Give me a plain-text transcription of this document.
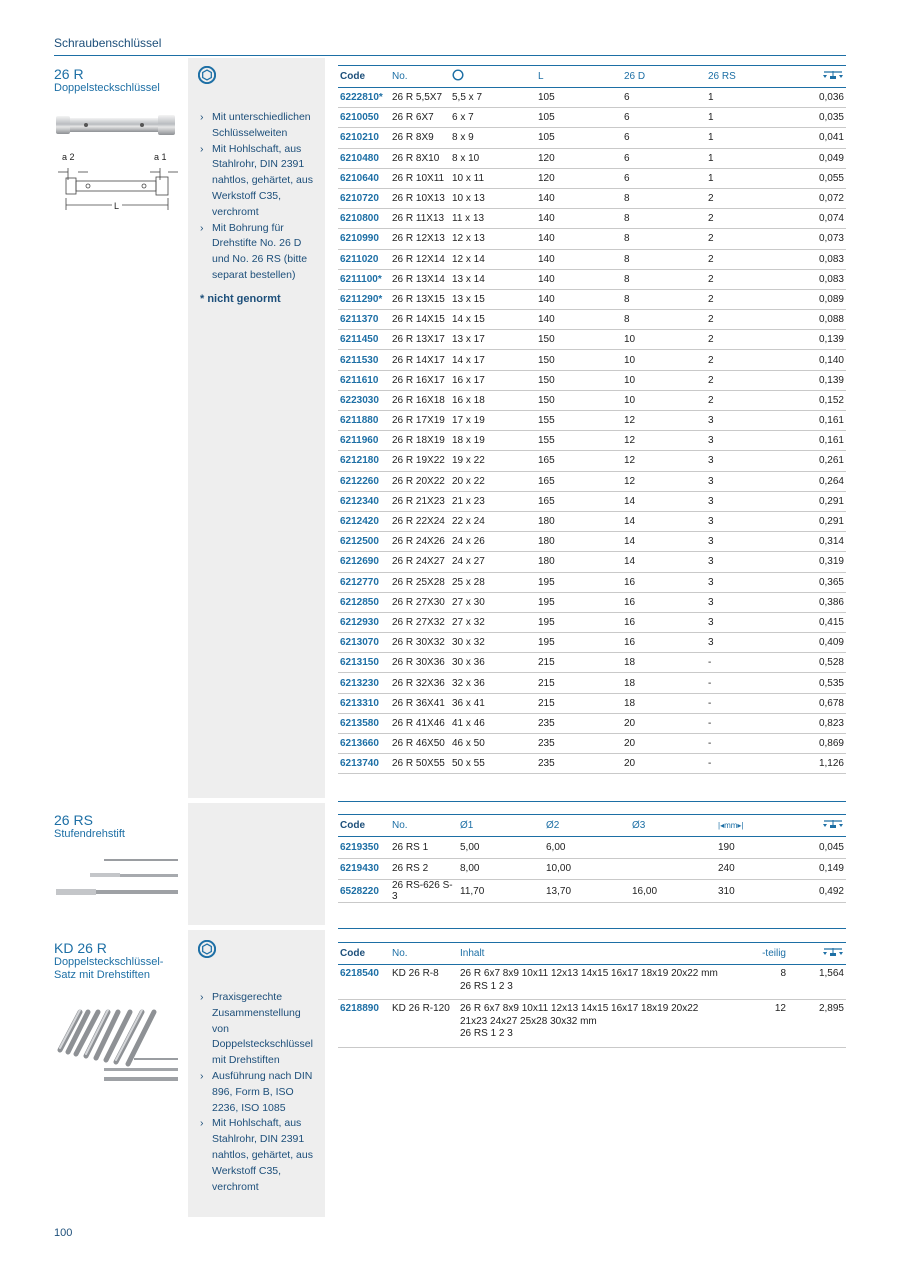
Schraubenschlüssel
26 R
Doppelsteckschlüssel
a 2	a 1
L
› Mit unterschiedlichen Schlüsselweiten
› Mit Hohlschaft, aus Stahlrohr, DIN 2391 nahtlos, gehärtet, aus Werkstoff C35, verchromt
› Mit Bohrung für Drehstifte No. 26 D und No. 26 RS (bitte separat bestellen)
* nicht genormt
Code	No.		L	26 D	26 RS	
6222810*	26 R 5,5X7	5,5 x 7	105	6	1	0,036
6210050	26 R 6X7	6 x 7	105	6	1	0,035
6210210	26 R 8X9	8 x 9	105	6	1	0,041
6210480	26 R 8X10	8 x 10	120	6	1	0,049
6210640	26 R 10X11	10 x 11	120	6	1	0,055
6210720	26 R 10X13	10 x 13	140	8	2	0,072
6210800	26 R 11X13	11 x 13	140	8	2	0,074
6210990	26 R 12X13	12 x 13	140	8	2	0,073
6211020	26 R 12X14	12 x 14	140	8	2	0,083
6211100*	26 R 13X14	13 x 14	140	8	2	0,083
6211290*	26 R 13X15	13 x 15	140	8	2	0,089
6211370	26 R 14X15	14 x 15	140	8	2	0,088
6211450	26 R 13X17	13 x 17	150	10	2	0,139
6211530	26 R 14X17	14 x 17	150	10	2	0,140
6211610	26 R 16X17	16 x 17	150	10	2	0,139
6223030	26 R 16X18	16 x 18	150	10	2	0,152
6211880	26 R 17X19	17 x 19	155	12	3	0,161
6211960	26 R 18X19	18 x 19	155	12	3	0,161
6212180	26 R 19X22	19 x 22	165	12	3	0,261
6212260	26 R 20X22	20 x 22	165	12	3	0,264
6212340	26 R 21X23	21 x 23	165	14	3	0,291
6212420	26 R 22X24	22 x 24	180	14	3	0,291
6212500	26 R 24X26	24 x 26	180	14	3	0,314
6212690	26 R 24X27	24 x 27	180	14	3	0,319
6212770	26 R 25X28	25 x 28	195	16	3	0,365
6212850	26 R 27X30	27 x 30	195	16	3	0,386
6212930	26 R 27X32	27 x 32	195	16	3	0,415
6213070	26 R 30X32	30 x 32	195	16	3	0,409
6213150	26 R 30X36	30 x 36	215	18	-	0,528
6213230	26 R 32X36	32 x 36	215	18	-	0,535
6213310	26 R 36X41	36 x 41	215	18	-	0,678
6213580	26 R 41X46	41 x 46	235	20	-	0,823
6213660	26 R 46X50	46 x 50	235	20	-	0,869
6213740	26 R 50X55	50 x 55	235	20	-	1,126
26 RS
Stufendrehstift
Code	No.	Ø1	Ø2	Ø3	|◂mm▸|	
6219350	26 RS 1	5,00	6,00		190	0,045
6219430	26 RS 2	8,00	10,00		240	0,149
6528220	26 RS-626 S-3	11,70	13,70	16,00	310	0,492
KD 26 R
Doppelsteckschlüssel-
Satz mit Drehstiften
› Praxisgerechte Zusammenstellung von Doppelsteckschlüssel mit Drehstiften
› Ausführung nach DIN 896, Form B, ISO 2236, ISO 1085
› Mit Hohlschaft, aus Stahlrohr, DIN 2391 nahtlos, gehärtet, aus Werkstoff C35, verchromt
Code	No.	Inhalt	-teilig	
6218540	KD 26 R-8	26 R 6x7 8x9 10x11 12x13 14x15 16x17 18x19 20x22 mm
26 RS 1 2 3	8	1,564
6218890	KD 26 R-120	26 R 6x7 8x9 10x11 12x13 14x15 16x17 18x19 20x22
21x23 24x27 25x28 30x32 mm
26 RS 1 2 3	12	2,895
100
